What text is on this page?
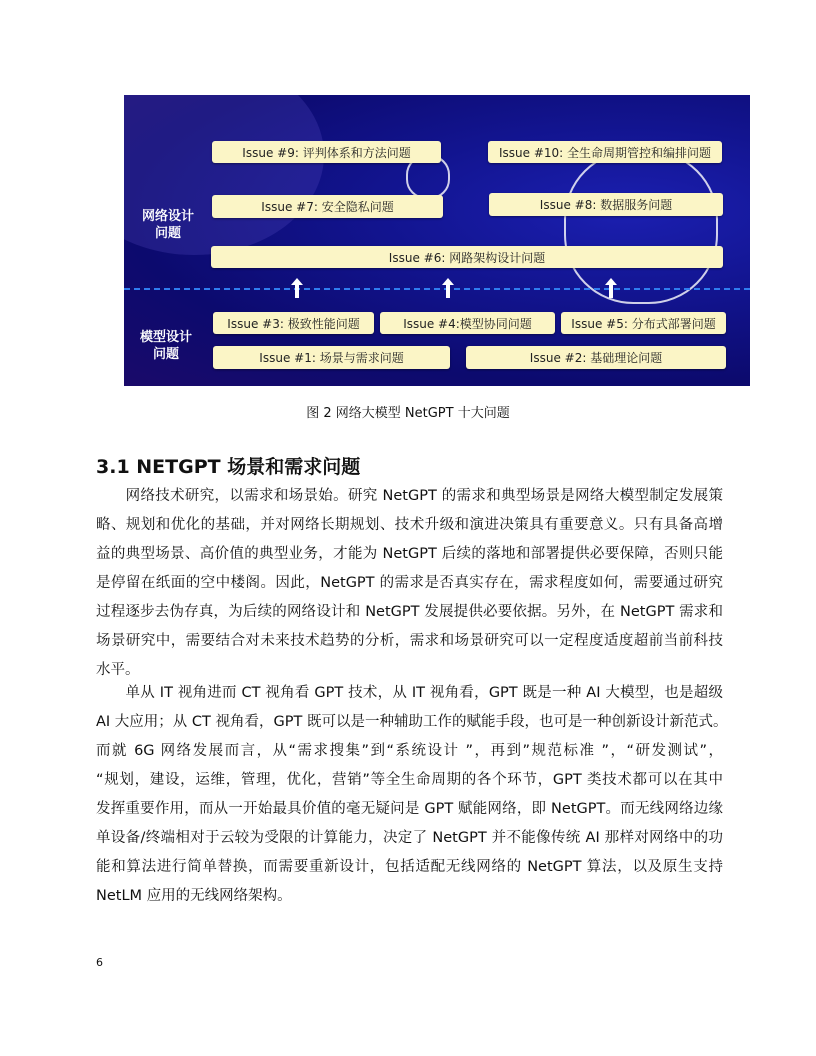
网络设计问题
模型设计问题
Issue #9: 评判体系和方法问题	Issue #10: 全生命周期管控和编排问题
Issue #7: 安全隐私问题	Issue #8: 数据服务问题
Issue #6: 网路架构设计问题
Issue #3: 极致性能问题	Issue #4:模型协同问题	Issue #5: 分布式部署问题
Issue #1: 场景与需求问题	Issue #2: 基础理论问题
图 2 网络大模型 NetGPT 十大问题
3.1 NETGPT 场景和需求问题
　　网络技术研究，以需求和场景始。研究 NetGPT 的需求和典型场景是网络大模型制定发展策
略、规划和优化的基础，并对网络长期规划、技术升级和演进决策具有重要意义。只有具备高增
益的典型场景、高价值的典型业务，才能为 NetGPT 后续的落地和部署提供必要保障，否则只能
是停留在纸面的空中楼阁。因此，NetGPT 的需求是否真实存在，需求程度如何，需要通过研究
过程逐步去伪存真，为后续的网络设计和 NetGPT 发展提供必要依据。另外，在 NetGPT 需求和
场景研究中，需要结合对未来技术趋势的分析，需求和场景研究可以一定程度适度超前当前科技
水平。
　　单从 IT 视角进而 CT 视角看 GPT 技术，从 IT 视角看，GPT 既是一种 AI 大模型，也是超级
AI 大应用；从 CT 视角看，GPT 既可以是一种辅助工作的赋能手段，也可是一种创新设计新范式。
而就 6G 网络发展而言，从“需求搜集”到“系统设计 ”，再到”规范标准 ”，“研发测试”，
“规划，建设，运维，管理，优化，营销”等全生命周期的各个环节，GPT 类技术都可以在其中
发挥重要作用，而从一开始最具价值的毫无疑问是 GPT 赋能网络，即 NetGPT。而无线网络边缘
单设备/终端相对于云较为受限的计算能力，决定了 NetGPT 并不能像传统 AI 那样对网络中的功
能和算法进行简单替换，而需要重新设计，包括适配无线网络的 NetGPT 算法，以及原生支持
NetLM 应用的无线网络架构。
6
